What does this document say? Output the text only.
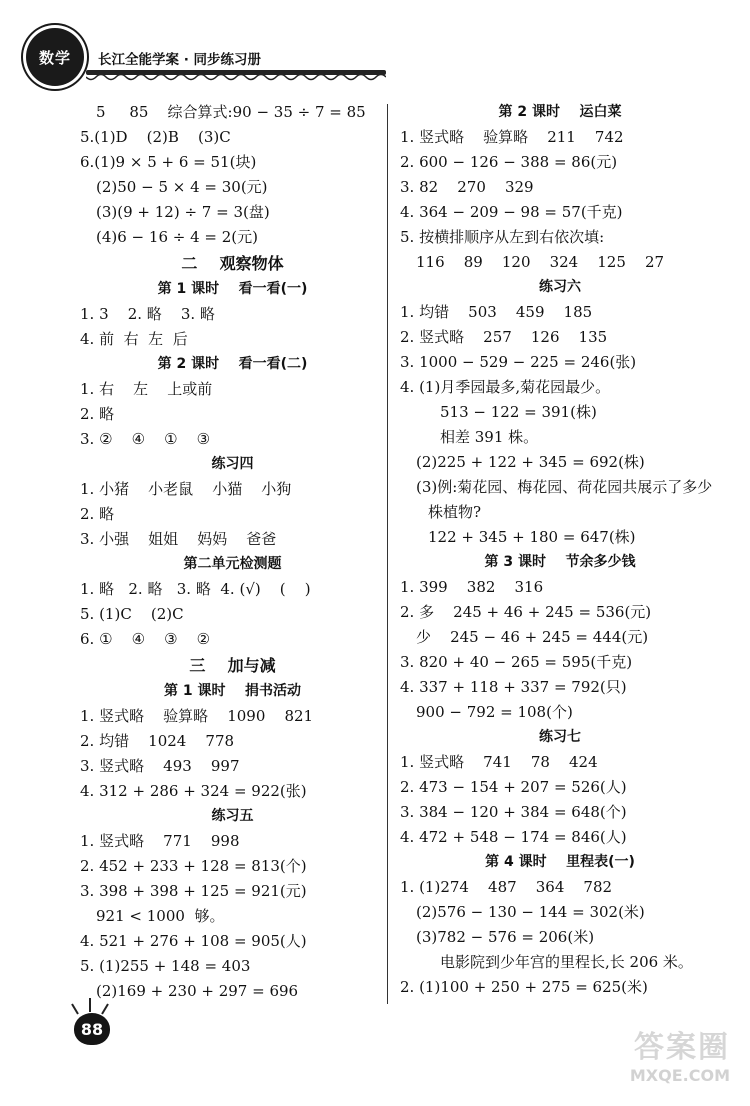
数学 长江全能学案 · 同步练习册
5     85    综合算式:90 − 35 ÷ 7 = 85
5.(1)D    (2)B    (3)C
6.(1)9 × 5 + 6 = 51(块)
(2)50 − 5 × 4 = 30(元)
(3)(9 + 12) ÷ 7 = 3(盘)
(4)6 − 16 ÷ 4 = 2(元)
二    观察物体
第 1 课时    看一看(一)
1. 3    2. 略    3. 略
4. 前  右  左  后
第 2 课时    看一看(二)
1. 右    左    上或前
2. 略
3. ②    ④    ①    ③
练习四
1. 小猪    小老鼠    小猫    小狗
2. 略
3. 小强    姐姐    妈妈    爸爸
第二单元检测题
1. 略   2. 略   3. 略  4. (√)    (    )
5. (1)C    (2)C
6. ①    ④    ③    ②
三    加与减
第 1 课时    捐书活动
1. 竖式略    验算略    1090    821
2. 均错    1024    778
3. 竖式略    493    997
4. 312 + 286 + 324 = 922(张)
练习五
1. 竖式略    771    998
2. 452 + 233 + 128 = 813(个)
3. 398 + 398 + 125 = 921(元)
921 < 1000  够。
4. 521 + 276 + 108 = 905(人)
5. (1)255 + 148 = 403
(2)169 + 230 + 297 = 696
第 2 课时    运白菜
1. 竖式略    验算略    211    742
2. 600 − 126 − 388 = 86(元)
3. 82    270    329
4. 364 − 209 − 98 = 57(千克)
5. 按横排顺序从左到右依次填:
116    89    120    324    125    27
练习六
1. 均错    503    459    185
2. 竖式略    257    126    135
3. 1000 − 529 − 225 = 246(张)
4. (1)月季园最多,菊花园最少。
513 − 122 = 391(株)
相差 391 株。
(2)225 + 122 + 345 = 692(株)
(3)例:菊花园、梅花园、荷花园共展示了多少
株植物?
122 + 345 + 180 = 647(株)
第 3 课时    节余多少钱
1. 399    382    316
2. 多    245 + 46 + 245 = 536(元)
少    245 − 46 + 245 = 444(元)
3. 820 + 40 − 265 = 595(千克)
4. 337 + 118 + 337 = 792(只)
900 − 792 = 108(个)
练习七
1. 竖式略    741    78    424
2. 473 − 154 + 207 = 526(人)
3. 384 − 120 + 384 = 648(个)
4. 472 + 548 − 174 = 846(人)
第 4 课时    里程表(一)
1. (1)274    487    364    782
(2)576 − 130 − 144 = 302(米)
(3)782 − 576 = 206(米)
电影院到少年宫的里程长,长 206 米。
2. (1)100 + 250 + 275 = 625(米)
88
答案圈
MXQE.COM
